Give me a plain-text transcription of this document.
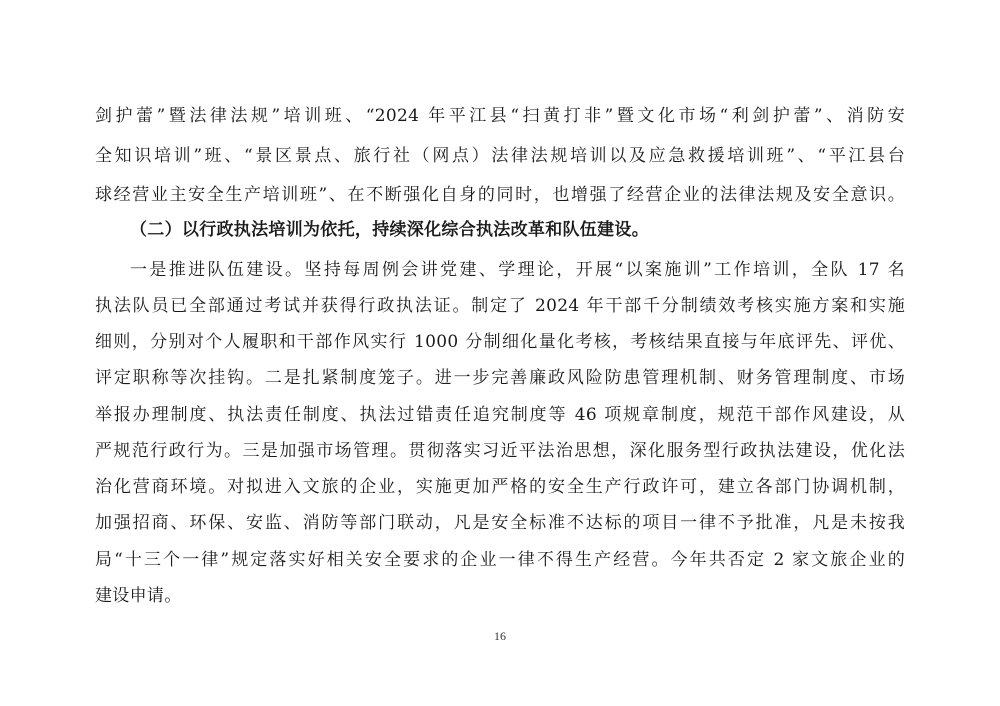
剑护蕾”暨法律法规”培训班、“2024 年平江县“扫黄打非”暨文化市场“利剑护蕾”、消防安

全知识培训”班、“景区景点、旅行社（网点）法律法规培训以及应急救援培训班”、“平江县台

球经营业主安全生产培训班”、在不断强化自身的同时，也增强了经营企业的法律法规及安全意识。

（二）以行政执法培训为依托，持续深化综合执法改革和队伍建设。

一是推进队伍建设。坚持每周例会讲党建、学理论，开展“以案施训”工作培训，全队 17 名

执法队员已全部通过考试并获得行政执法证。制定了 2024 年干部千分制绩效考核实施方案和实施

细则，分别对个人履职和干部作风实行 1000 分制细化量化考核，考核结果直接与年底评先、评优、

评定职称等次挂钩。二是扎紧制度笼子。进一步完善廉政风险防患管理机制、财务管理制度、市场

举报办理制度、执法责任制度、执法过错责任追究制度等 46 项规章制度，规范干部作风建设，从

严规范行政行为。三是加强市场管理。贯彻落实习近平法治思想，深化服务型行政执法建设，优化法

治化营商环境。对拟进入文旅的企业，实施更加严格的安全生产行政许可，建立各部门协调机制，

加强招商、环保、安监、消防等部门联动，凡是安全标准不达标的项目一律不予批准，凡是未按我

局“十三个一律”规定落实好相关安全要求的企业一律不得生产经营。今年共否定 2 家文旅企业的

建设申请。

16
